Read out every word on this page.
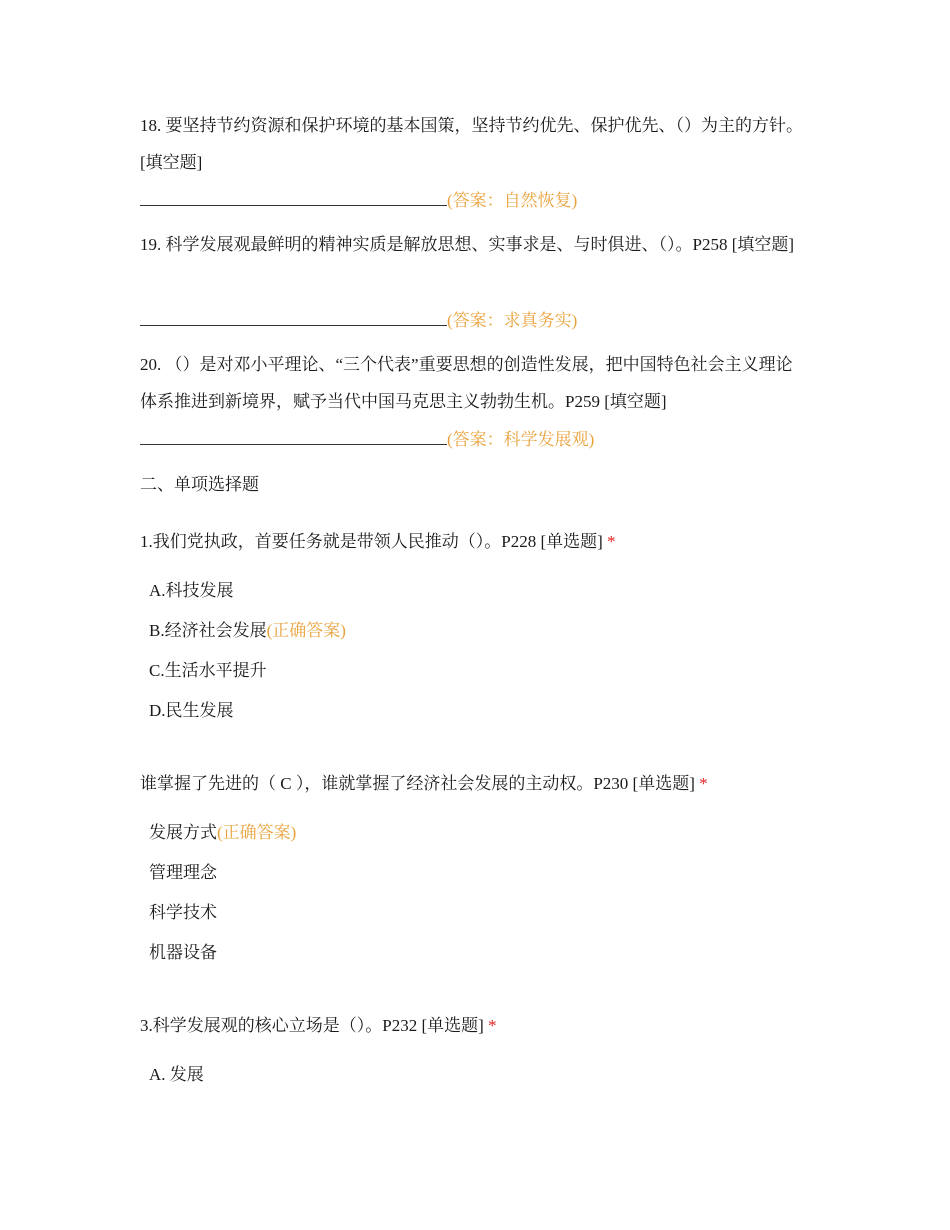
18. 要坚持节约资源和保护环境的基本国策，坚持节约优先、保护优先、（）为主的方针。 [填空题]
(答案：自然恢复)
19. 科学发展观最鲜明的精神实质是解放思想、实事求是、与时俱进、（）。P258 [填空题]
(答案：求真务实)
20. （）是对邓小平理论、“三个代表”重要思想的创造性发展，把中国特色社会主义理论体系推进到新境界，赋予当代中国马克思主义勃勃生机。P259 [填空题]
(答案：科学发展观)
二、单项选择题
1.我们党执政，首要任务就是带领人民推动（）。P228 [单选题] *
A.科技发展
B.经济社会发展(正确答案)
C.生活水平提升
D.民生发展
谁掌握了先进的（ C ），谁就掌握了经济社会发展的主动权。P230 [单选题] *
发展方式(正确答案)
管理理念
科学技术
机器设备
3.科学发展观的核心立场是（）。P232 [单选题] *
A. 发展
